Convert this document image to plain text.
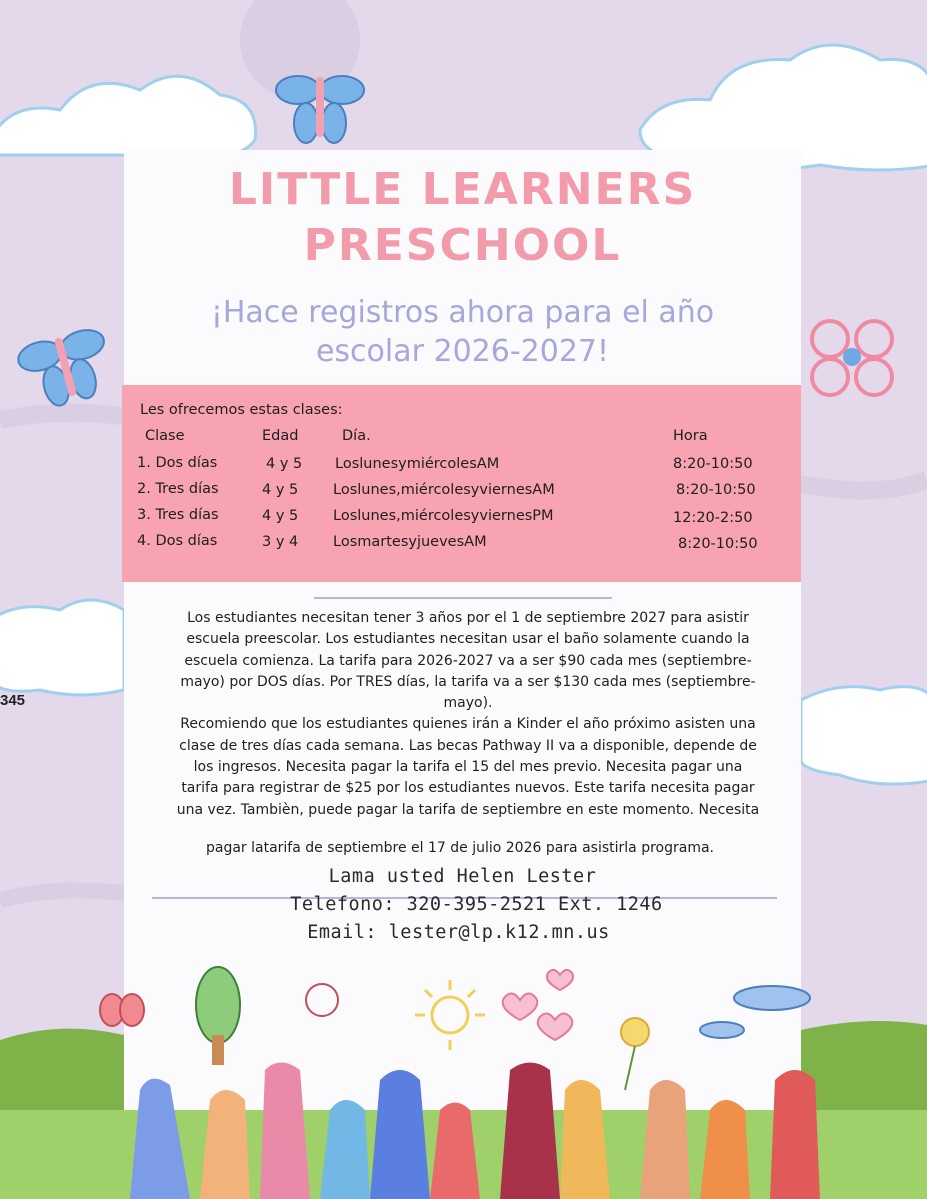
LITTLE LEARNERS
PRESCHOOL

¡Hace registros ahora para el año

escolar 2026-2027!

Les ofrecemos estas clases:
Clase	Edad	Día.	Hora
1. Dos días	4 y 5 LoslunesymiércolesAM	8:20-10:50
2. Tres días	4 y 5 Loslunes,miércolesyviernesAM	8:20-10:50
3. Tres días	4 y 5 Loslunes,miércolesyviernesPM	12:20-2:50
4. Dos días	3 y 4 LosmartesyjuevesAM	8:20-10:50
Los estudiantes necesitan tener 3 años por el 1 de septiembre 2027 para asistir
escuela preescolar. Los estudiantes necesitan usar el baño solamente cuando la
escuela comienza. La tarifa para 2026-2027 va a ser $90 cada mes (septiembre-
mayo) por DOS días. Por TRES días, la tarifa va a ser $130 cada mes (septiembre-
mayo).
Recomiendo que los estudiantes quienes irán a Kinder el año próximo asisten una
clase de tres días cada semana. Las becas Pathway II va a disponible, depende de
los ingresos. Necesita pagar la tarifa el 15 del mes previo. Necesita pagar una
tarifa para registrar de $25 por los estudiantes nuevos. Este tarifa necesita pagar
una vez. Tambièn, puede pagar la tarifa de septiembre en este momento. Necesita

pagar latarifa de septiembre el 17 de julio 2026 para asistirla programa.

Lama usted Helen Lester

Telefono: 320-395-2521 Ext. 1246

Email: lester@lp.k12.mn.us

345
